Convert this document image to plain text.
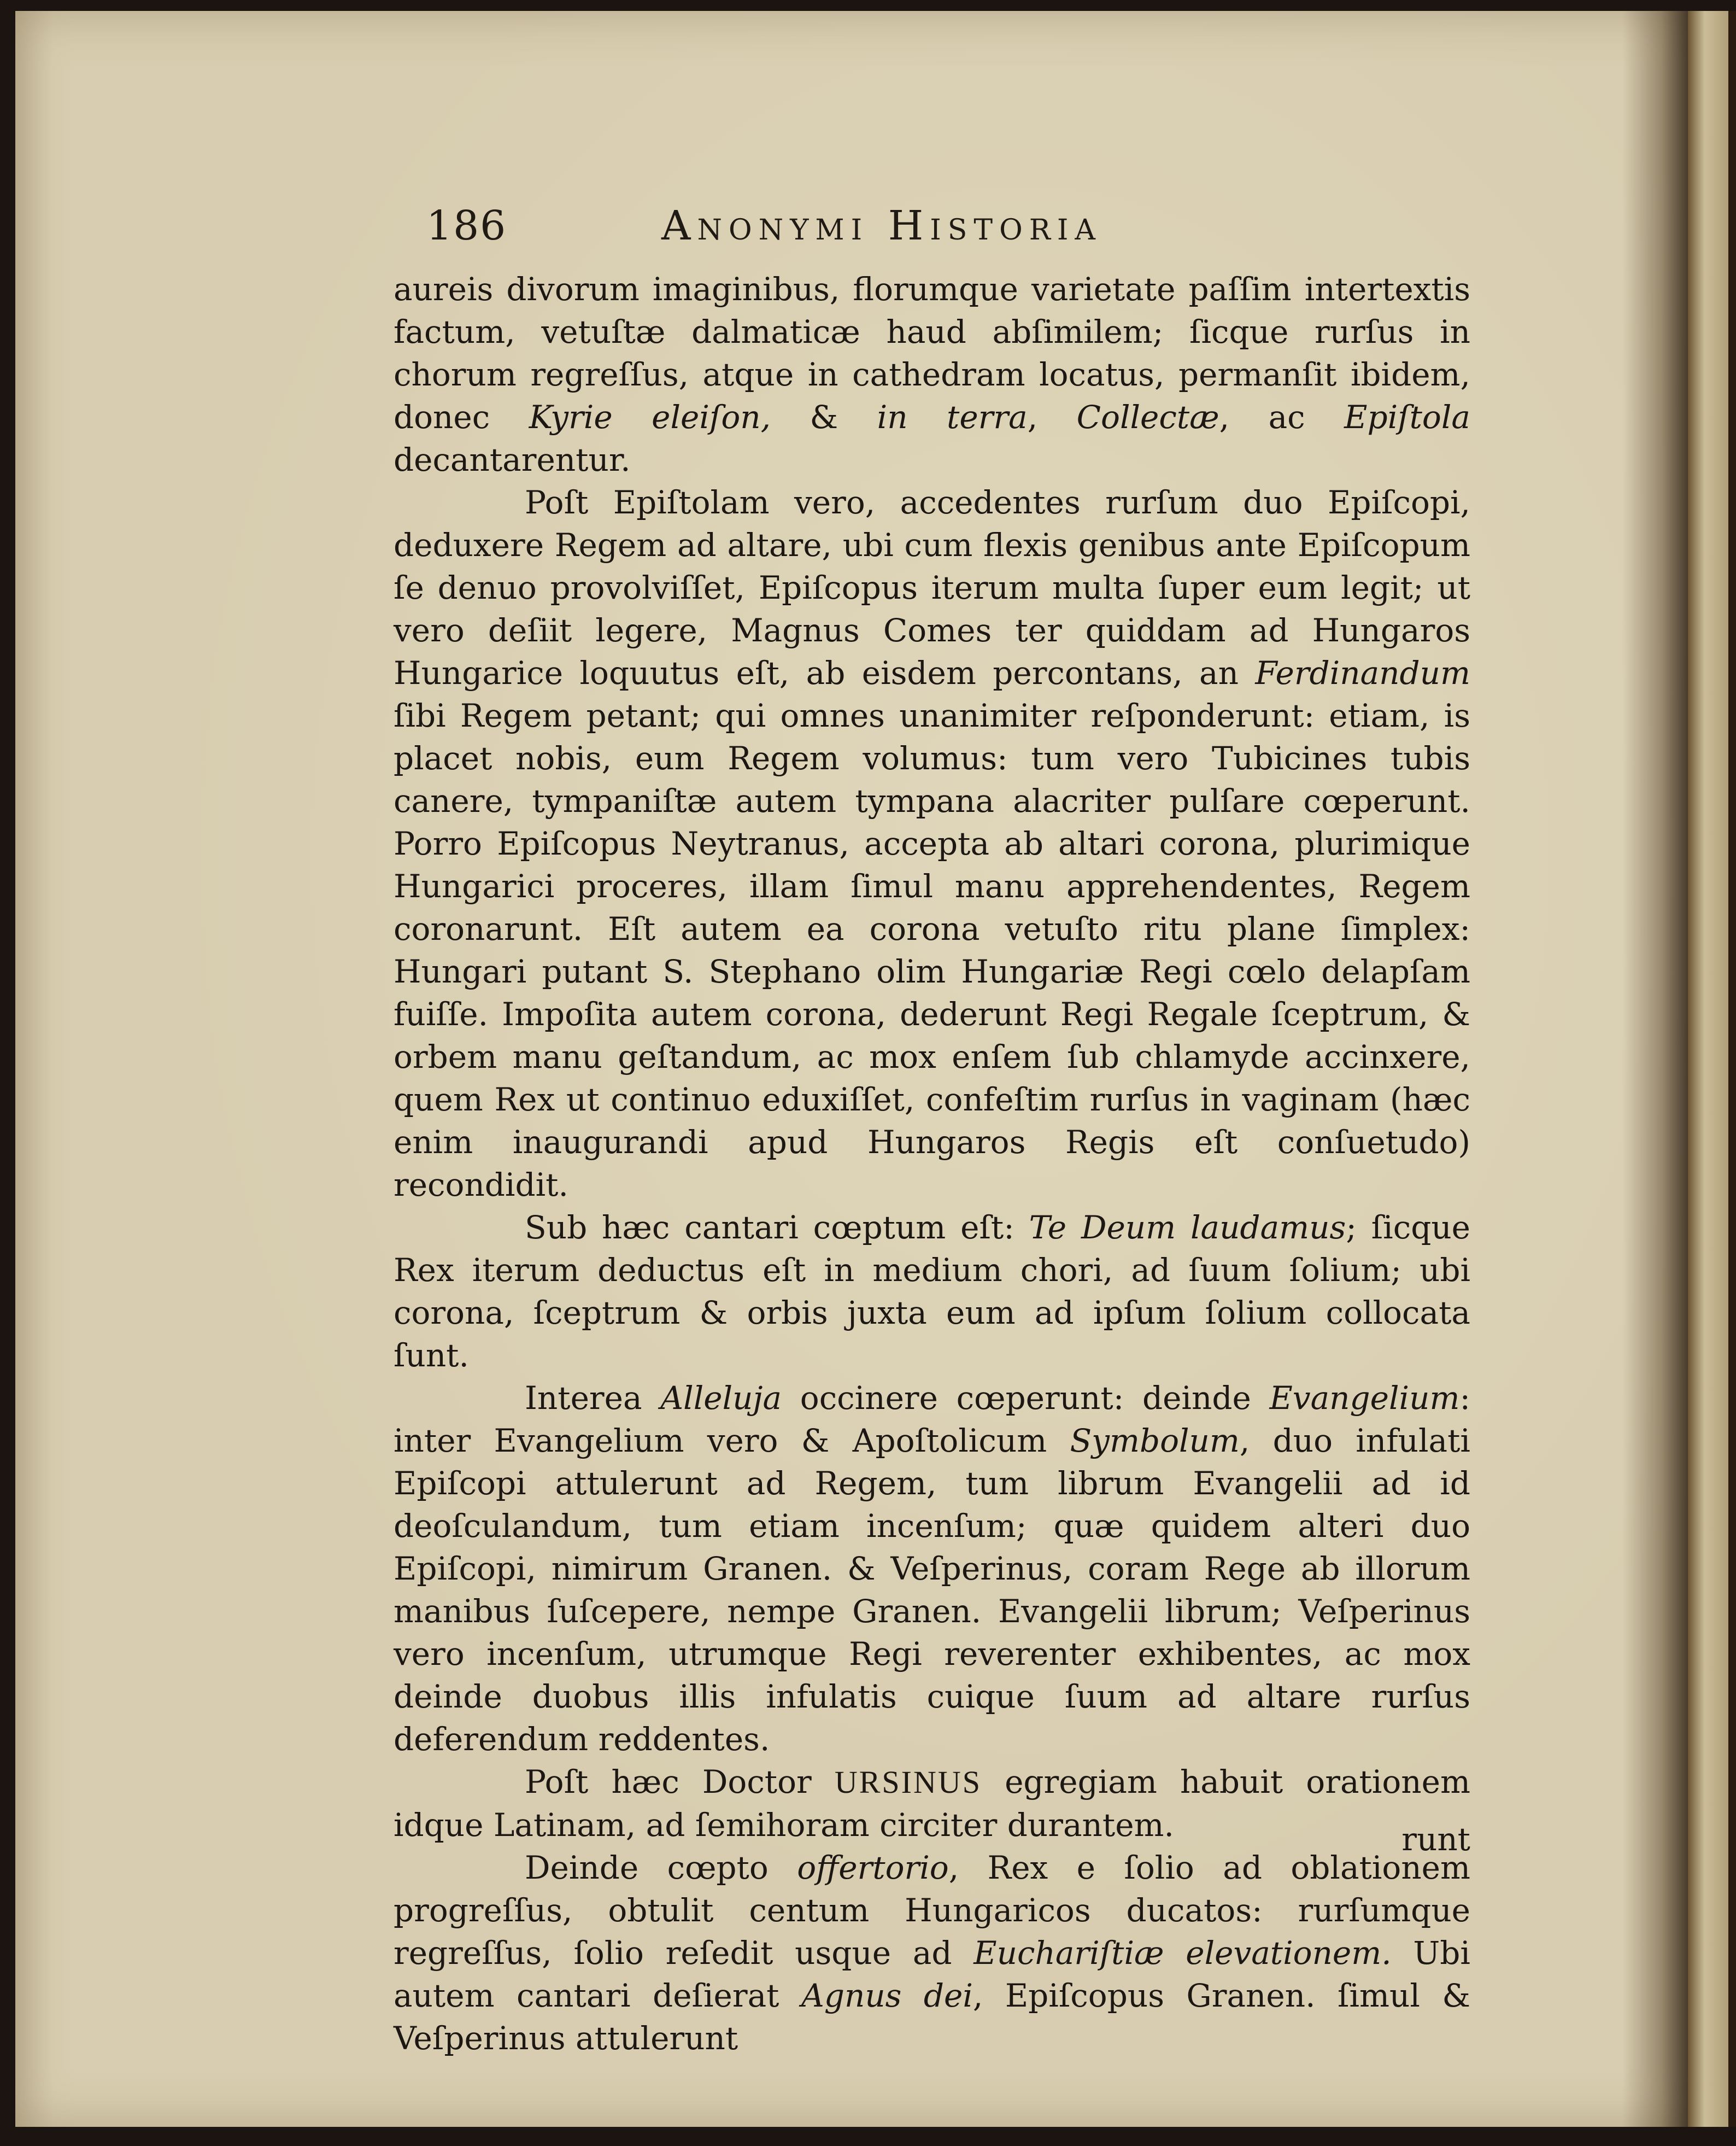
186	Anonymi Historia

aureis divorum imaginibus, florumque varietate paſſim intertextis factum, vetuſtæ dalmaticæ haud abſimilem; ſicque rurſus in chorum regreſſus, atque in cathedram locatus, permanſit ibidem, donec Kyrie eleiſon, & in terra, Collectæ, ac Epiſtola decantarentur.

Poſt Epiſtolam vero, accedentes rurſum duo Epiſcopi, deduxere Regem ad altare, ubi cum flexis genibus ante Epiſcopum ſe denuo provolviſſet, Epiſcopus iterum multa ſuper eum legit; ut vero deſiit legere, Magnus Comes ter quiddam ad Hungaros Hungarice loquutus eſt, ab eisdem percontans, an Ferdinandum ſibi Regem petant; qui omnes unanimiter reſponderunt: etiam, is placet nobis, eum Regem volumus: tum vero Tubicines tubis canere, tympaniſtæ autem tympana alacriter pulſare cœperunt. Porro Epiſcopus Neytranus, accepta ab altari corona, plurimique Hungarici proceres, illam ſimul manu apprehendentes, Regem coronarunt. Eſt autem ea corona vetuſto ritu plane ſimplex: Hungari putant S. Stephano olim Hungariæ Regi cœlo delapſam fuiſſe. Impoſita autem corona, dederunt Regi Regale ſceptrum, & orbem manu geſtandum, ac mox enſem ſub chlamyde accinxere, quem Rex ut continuo eduxiſſet, confeſtim rurſus in vaginam (hæc enim inaugurandi apud Hungaros Regis eſt conſuetudo) recondidit.

Sub hæc cantari cœptum eſt: Te Deum laudamus; ſicque Rex iterum deductus eſt in medium chori, ad ſuum ſolium; ubi corona, ſceptrum & orbis juxta eum ad ipſum ſolium collocata ſunt.

Interea Alleluja occinere cœperunt: deinde Evangelium: inter Evangelium vero & Apoſtolicum Symbolum, duo infulati Epiſcopi attulerunt ad Regem, tum librum Evangelii ad id deoſculandum, tum etiam incenſum; quæ quidem alteri duo Epiſcopi, nimirum Granen. & Veſperinus, coram Rege ab illorum manibus ſuſcepere, nempe Granen. Evangelii librum; Veſperinus vero incenſum, utrumque Regi reverenter exhibentes, ac mox deinde duobus illis infulatis cuique ſuum ad altare rurſus deferendum reddentes.

Poſt hæc Doctor URSINUS egregiam habuit orationem idque Latinam, ad ſemihoram circiter durantem.

Deinde cœpto offertorio, Rex e ſolio ad oblationem progreſſus, obtulit centum Hungaricos ducatos: rurſumque regreſſus, ſolio reſedit usque ad Euchariſtiæ elevationem. Ubi autem cantari deſierat Agnus dei, Epiſcopus Granen. ſimul & Veſperinus attulerunt

runt
